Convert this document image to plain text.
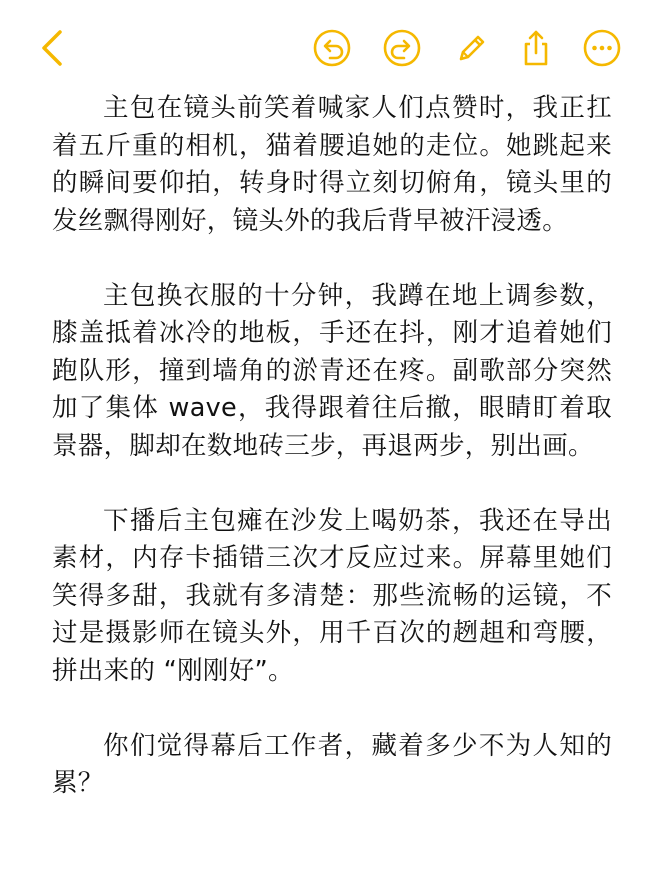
主包在镜头前笑着喊家人们点赞时，我正扛着五斤重的相机，猫着腰追她的走位。她跳起来的瞬间要仰拍，转身时得立刻切俯角，镜头里的发丝飘得刚好，镜头外的我后背早被汗浸透。

主包换衣服的十分钟，我蹲在地上调参数，膝盖抵着冰冷的地板，手还在抖，刚才追着她们跑队形，撞到墙角的淤青还在疼。副歌部分突然加了集体 wave，我得跟着往后撤，眼睛盯着取景器，脚却在数地砖三步，再退两步，别出画。

下播后主包瘫在沙发上喝奶茶，我还在导出素材，内存卡插错三次才反应过来。屏幕里她们笑得多甜，我就有多清楚：那些流畅的运镜，不过是摄影师在镜头外，用千百次的趔趄和弯腰，拼出来的 “刚刚好”。

你们觉得幕后工作者，藏着多少不为人知的累？
